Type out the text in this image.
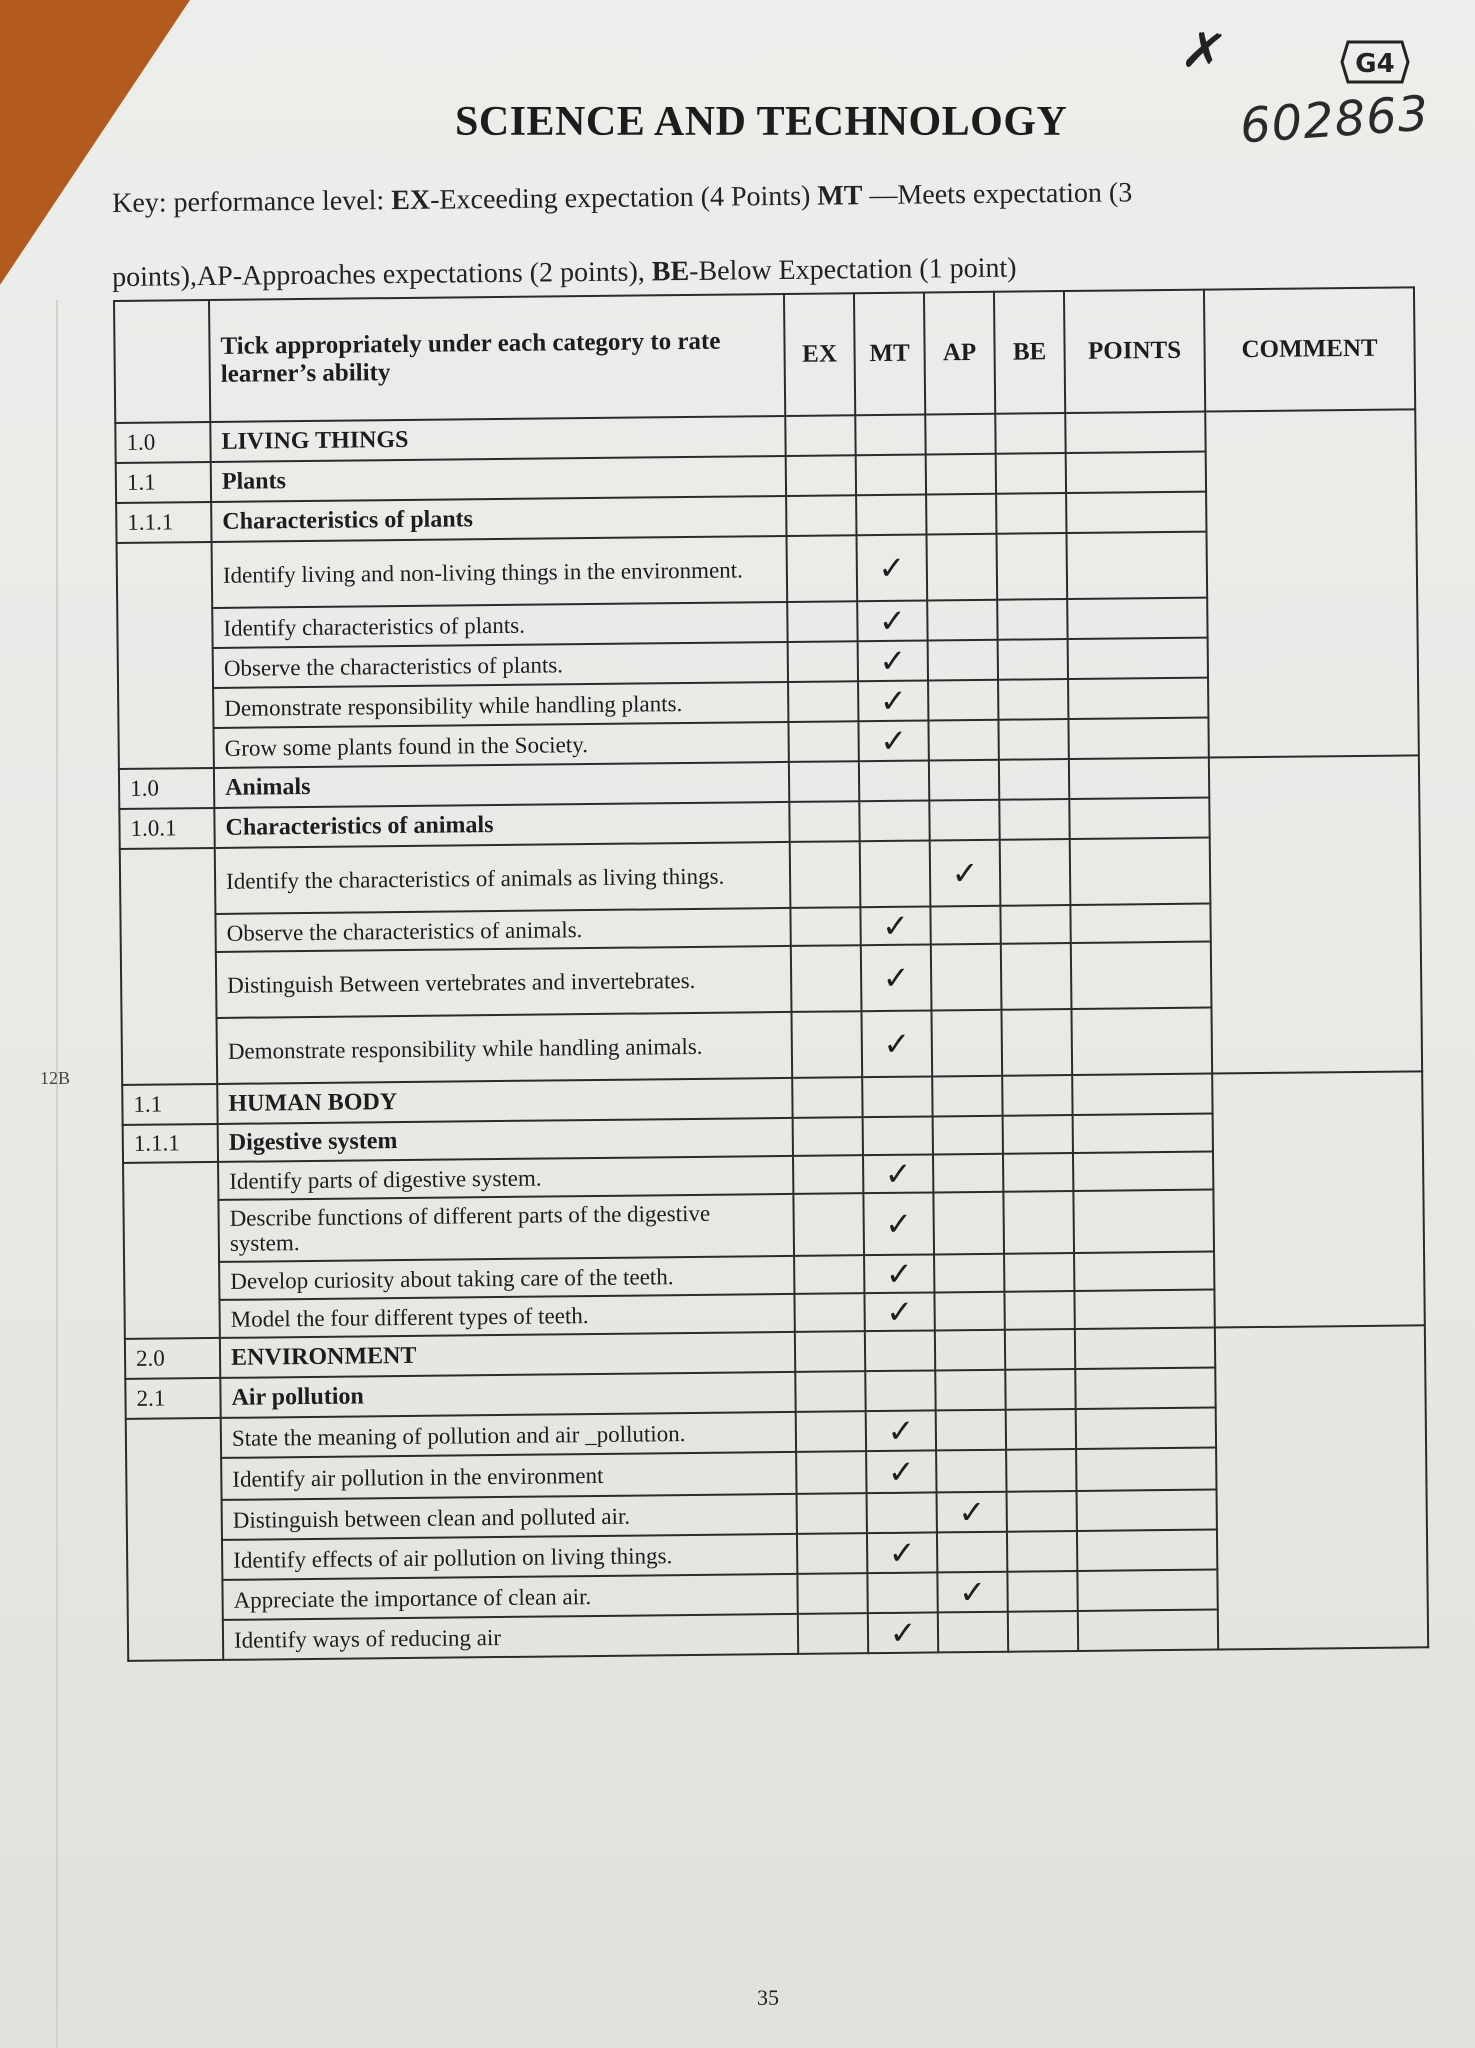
SCIENCE AND TECHNOLOGY
Key: performance level: EX-Exceeding expectation (4 Points) MT —Meets expectation (3
points),AP-Approaches expectations (2 points), BE-Below Expectation (1 point)
✗
602863
G4
12B
	Tick appropriately under each category to rate learner’s ability	EX	MT	AP	BE	POINTS	COMMENT
1.0	LIVING THINGS						
1.1	Plants						
1.1.1	Characteristics of plants						
	Identify living and non-living things in the environment.		✓				
	Identify characteristics of plants.		✓				
	Observe the characteristics of plants.		✓				
	Demonstrate responsibility while handling plants.		✓				
	Grow some plants found in the Society.		✓				
1.0	Animals						
1.0.1	Characteristics of animals						
	Identify the characteristics of animals as living things.			✓			
	Observe the characteristics of animals.		✓				
	Distinguish Between vertebrates and invertebrates.		✓				
	Demonstrate responsibility while handling animals.		✓				
1.1	HUMAN BODY						
1.1.1	Digestive system						
	Identify parts of digestive system.		✓				
	Describe functions of different parts of the digestive system.		✓				
	Develop curiosity about taking care of the teeth.		✓				
	Model the four different types of teeth.		✓				
2.0	ENVIRONMENT						
2.1	Air pollution						
	State the meaning of pollution and air _pollution.		✓				
	Identify air pollution in the environment		✓				
	Distinguish between clean and polluted air.			✓			
	Identify effects of air pollution on living things.		✓				
	Appreciate the importance of clean air.			✓			
	Identify ways of reducing air		✓				
35
